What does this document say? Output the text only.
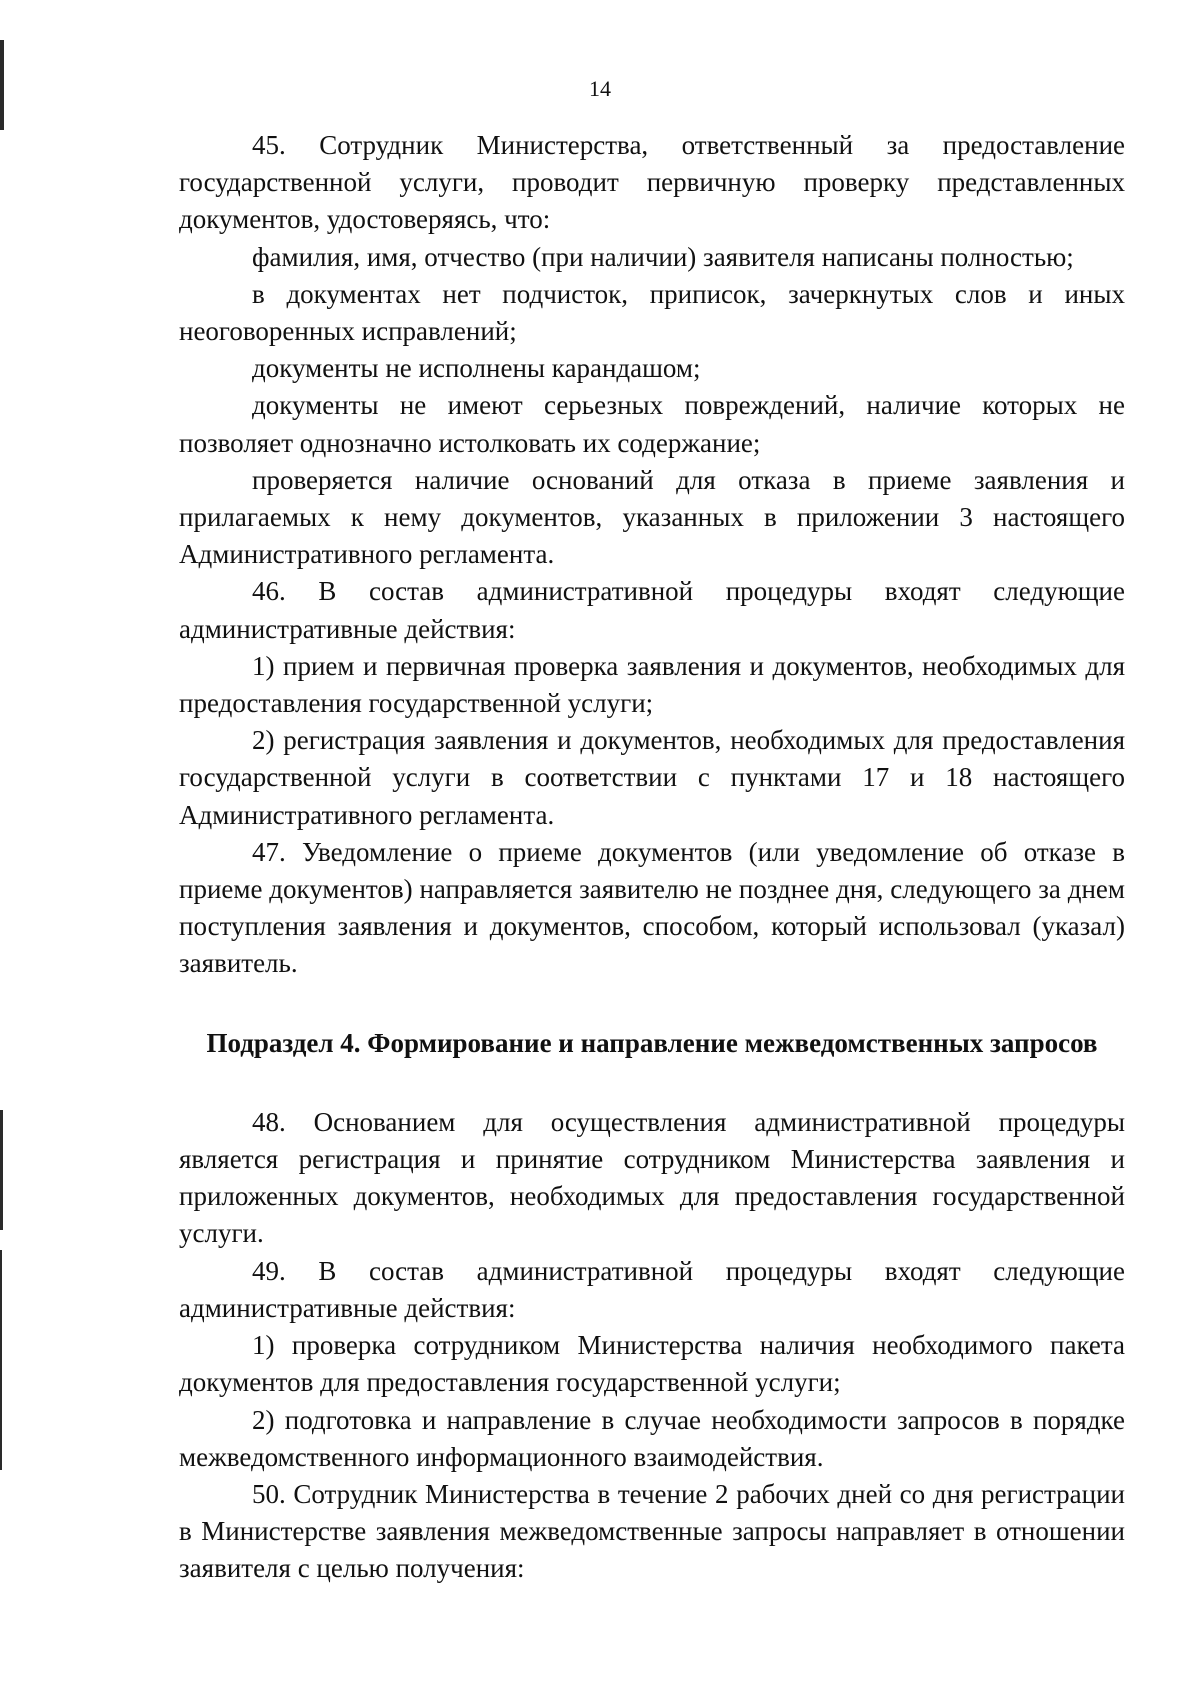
14

45. Сотрудник Министерства, ответственный за предоставление государственной услуги, проводит первичную проверку представленных документов, удостоверяясь, что:

фамилия, имя, отчество (при наличии) заявителя написаны полностью;

в документах нет подчисток, приписок, зачеркнутых слов и иных неоговоренных исправлений;

документы не исполнены карандашом;

документы не имеют серьезных повреждений, наличие которых не позволяет однозначно истолковать их содержание;

проверяется наличие оснований для отказа в приеме заявления и прилагаемых к нему документов, указанных в приложении 3 настоящего Административного регламента.

46. В состав административной процедуры входят следующие административные действия:

1) прием и первичная проверка заявления и документов, необходимых для предоставления государственной услуги;

2) регистрация заявления и документов, необходимых для предоставления государственной услуги в соответствии с пунктами 17 и 18 настоящего Административного регламента.

47. Уведомление о приеме документов (или уведомление об отказе в приеме документов) направляется заявителю не позднее дня, следующего за днем поступления заявления и документов, способом, который использовал (указал) заявитель.

Подраздел 4. Формирование и направление межведомственных запросов

48. Основанием для осуществления административной процедуры является регистрация и принятие сотрудником Министерства заявления и приложенных документов, необходимых для предоставления государственной услуги.

49. В состав административной процедуры входят следующие административные действия:

1) проверка сотрудником Министерства наличия необходимого пакета документов для предоставления государственной услуги;

2) подготовка и направление в случае необходимости запросов в порядке межведомственного информационного взаимодействия.

50. Сотрудник Министерства в течение 2 рабочих дней со дня регистрации в Министерстве заявления межведомственные запросы направляет в отношении заявителя с целью получения:
